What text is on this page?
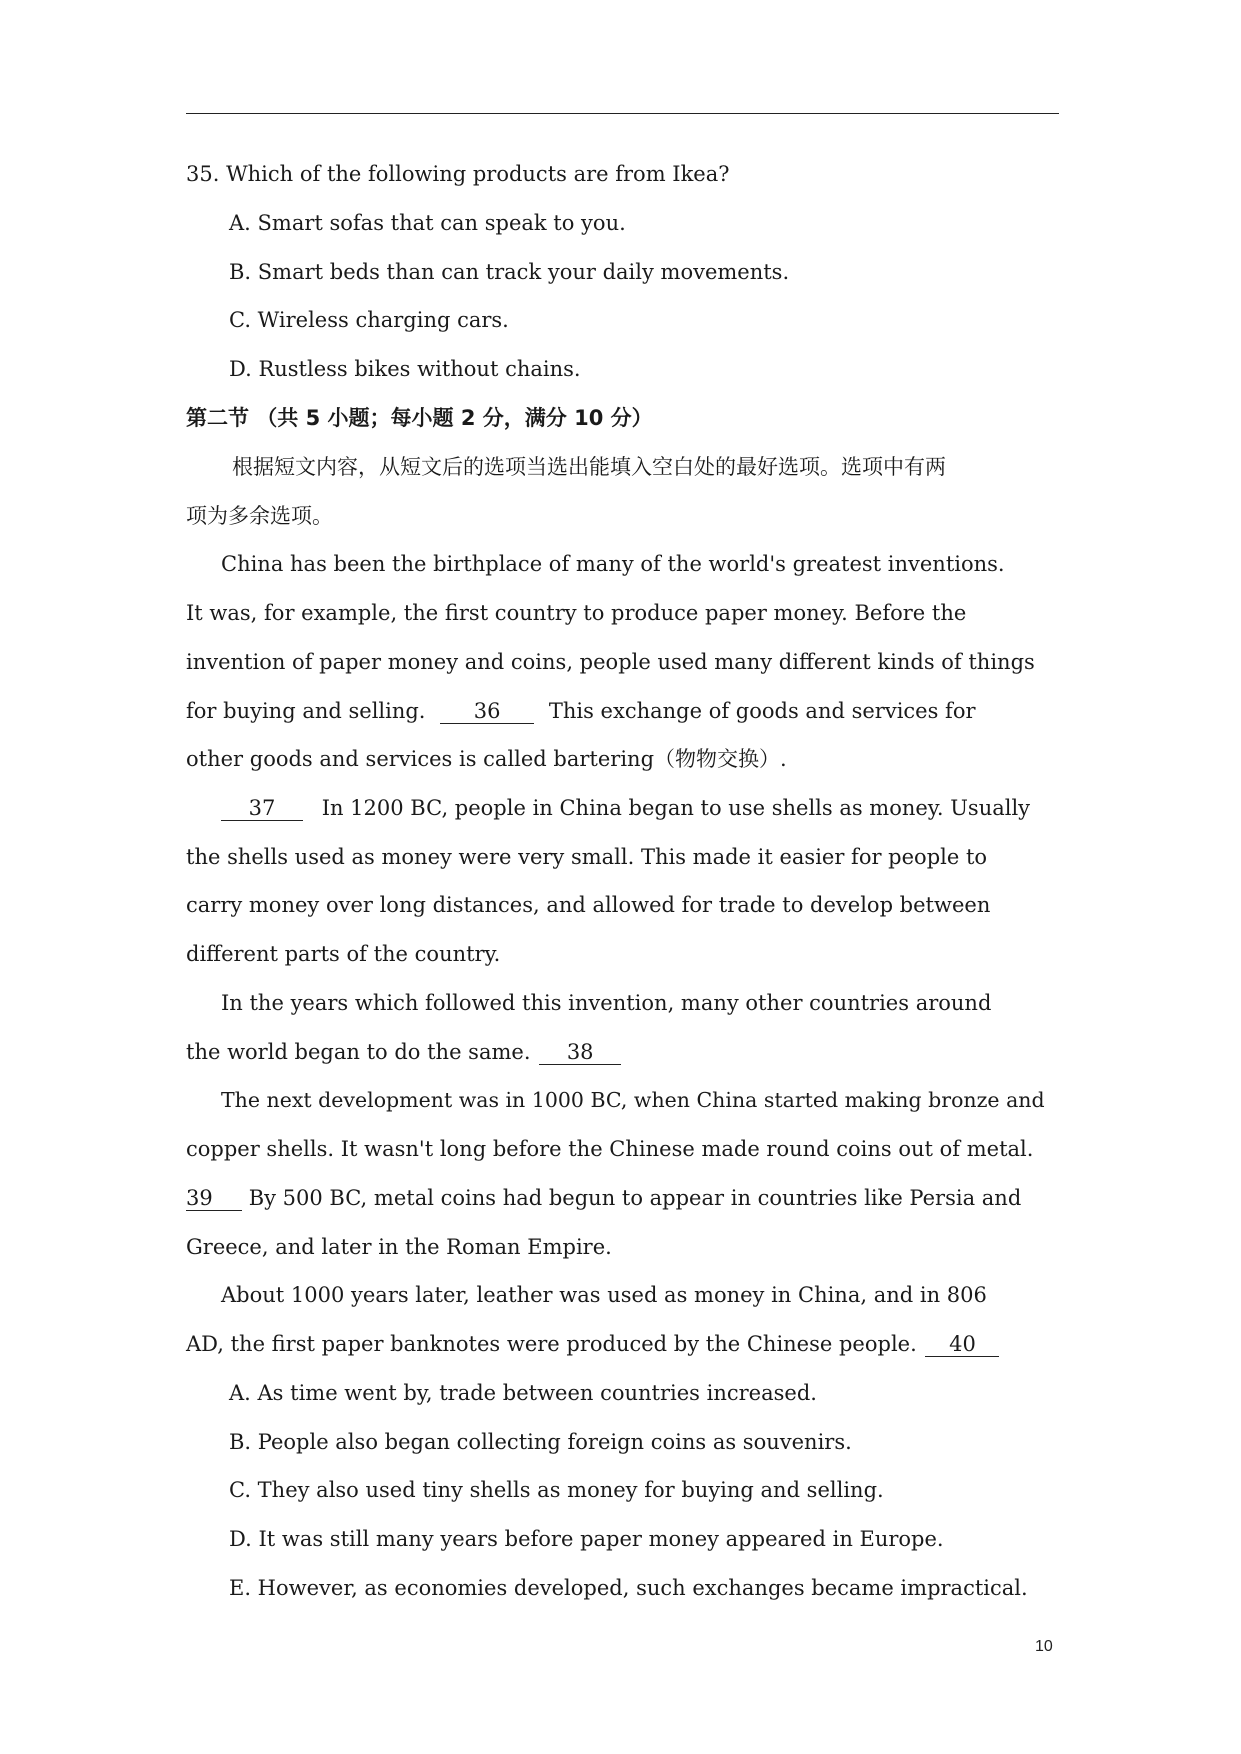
35. Which of the following products are from Ikea?
A. Smart sofas that can speak to you.
B. Smart beds than can track your daily movements.
C. Wireless charging cars.
D. Rustless bikes without chains.
第二节 （共 5 小题；每小题 2 分，满分 10 分）
根据短文内容，从短文后的选项当选出能填入空白处的最好选项。选项中有两
项为多余选项。
China has been the birthplace of many of the world's greatest inventions.
It was, for example, the first country to produce paper money. Before the
invention of paper money and coins, people used many different kinds of things
for buying and selling. 36 This exchange of goods and services for
other goods and services is called bartering（物物交换）.
37 In 1200 BC, people in China began to use shells as money. Usually
the shells used as money were very small. This made it easier for people to
carry money over long distances, and allowed for trade to develop between
different parts of the country.
In the years which followed this invention, many other countries around
the world began to do the same. 38
The next development was in 1000 BC, when China started making bronze and
copper shells. It wasn't long before the Chinese made round coins out of metal.
39 By 500 BC, metal coins had begun to appear in countries like Persia and
Greece, and later in the Roman Empire.
About 1000 years later, leather was used as money in China, and in 806
AD, the first paper banknotes were produced by the Chinese people. 40
A. As time went by, trade between countries increased.
B. People also began collecting foreign coins as souvenirs.
C. They also used tiny shells as money for buying and selling.
D. It was still many years before paper money appeared in Europe.
E. However, as economies developed, such exchanges became impractical.
10
